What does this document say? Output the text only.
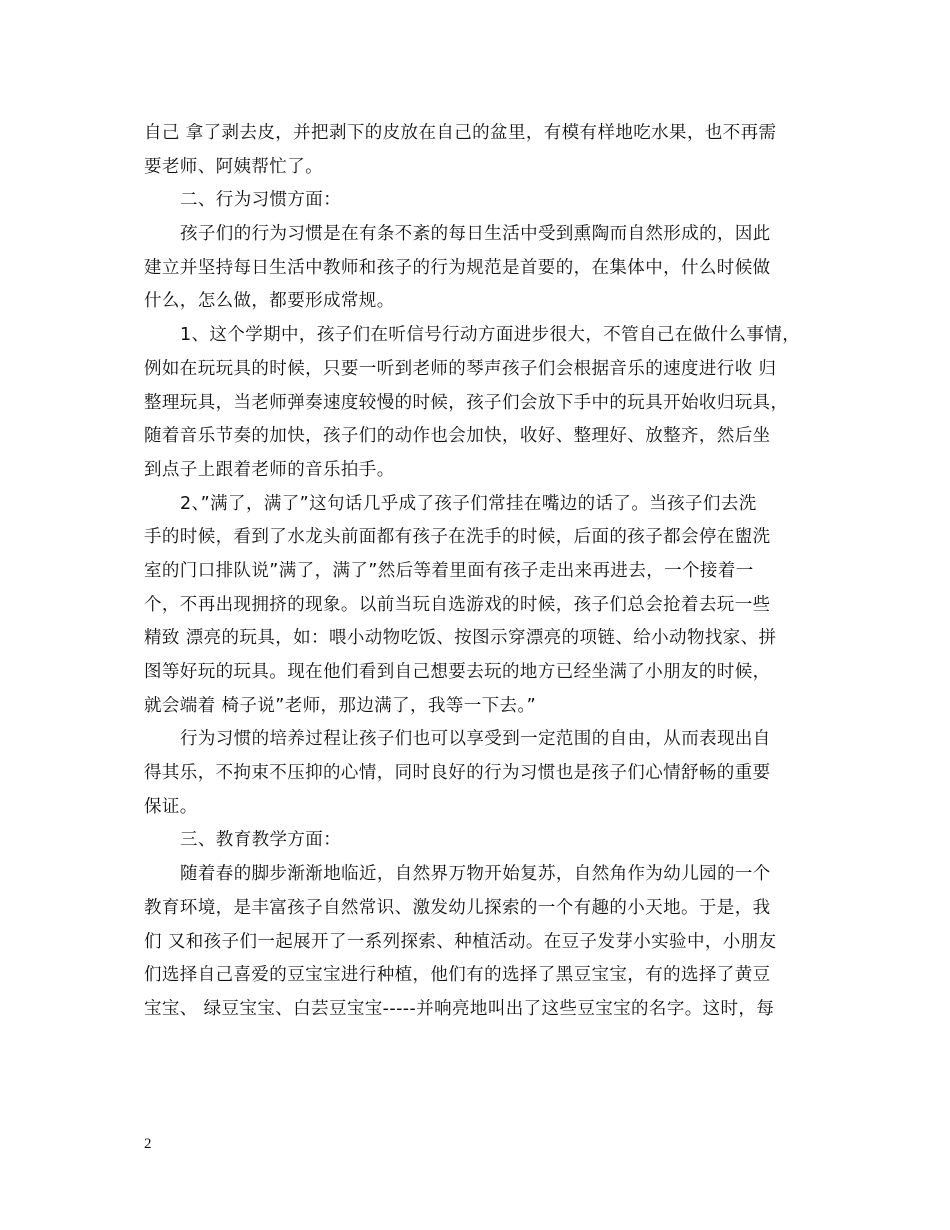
自己 拿了剥去皮，并把剥下的皮放在自己的盆里，有模有样地吃水果，也不再需
要老师、阿姨帮忙了。
二、行为习惯方面：
孩子们的行为习惯是在有条不紊的每日生活中受到熏陶而自然形成的，因此
建立并坚持每日生活中教师和孩子的行为规范是首要的，在集体中，什么时候做
什么，怎么做，都要形成常规。
1、这个学期中，孩子们在听信号行动方面进步很大，不管自己在做什么事情，
例如在玩玩具的时候，只要一听到老师的琴声孩子们会根据音乐的速度进行收 归
整理玩具，当老师弹奏速度较慢的时候，孩子们会放下手中的玩具开始收归玩具，
随着音乐节奏的加快，孩子们的动作也会加快，收好、整理好、放整齐，然后坐
到点子上跟着老师的音乐拍手。
2、”满了，满了”这句话几乎成了孩子们常挂在嘴边的话了。当孩子们去洗
手的时候，看到了水龙头前面都有孩子在洗手的时候，后面的孩子都会停在盥洗
室的门口排队说”满了，满了”然后等着里面有孩子走出来再进去，一个接着一
个，不再出现拥挤的现象。以前当玩自选游戏的时候，孩子们总会抢着去玩一些
精致 漂亮的玩具，如：喂小动物吃饭、按图示穿漂亮的项链、给小动物找家、拼
图等好玩的玩具。现在他们看到自己想要去玩的地方已经坐满了小朋友的时候，
就会端着 椅子说”老师，那边满了，我等一下去。”
行为习惯的培养过程让孩子们也可以享受到一定范围的自由，从而表现出自
得其乐，不拘束不压抑的心情，同时良好的行为习惯也是孩子们心情舒畅的重要
保证。
三、教育教学方面：
随着春的脚步渐渐地临近，自然界万物开始复苏，自然角作为幼儿园的一个
教育环境，是丰富孩子自然常识、激发幼儿探索的一个有趣的小天地。于是，我
们 又和孩子们一起展开了一系列探索、种植活动。在豆子发芽小实验中，小朋友
们选择自己喜爱的豆宝宝进行种植，他们有的选择了黑豆宝宝，有的选择了黄豆
宝宝、 绿豆宝宝、白芸豆宝宝-----并响亮地叫出了这些豆宝宝的名字。这时，每
2
